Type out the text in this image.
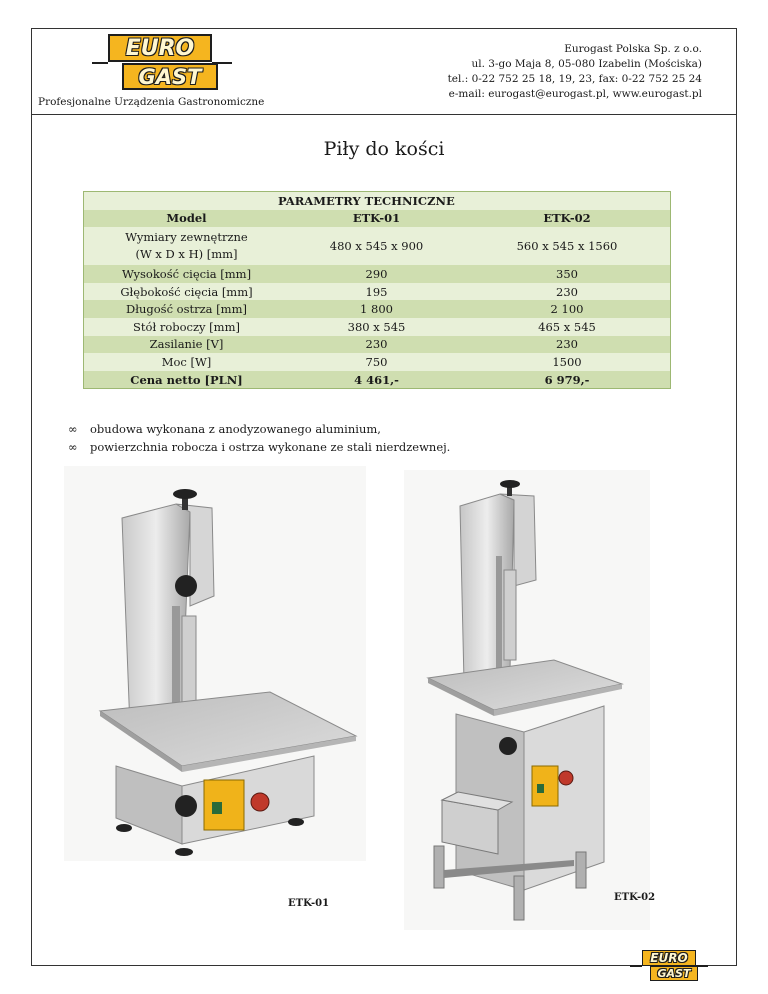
EURO
GAST
Profesjonalne Urządzenia Gastronomiczne
Eurogast Polska Sp. z o.o.
ul. 3-go Maja 8, 05-080 Izabelin (Mościska)
tel.: 0-22 752 25 18, 19, 23, fax: 0-22 752 25 24
e-mail: eurogast@eurogast.pl, www.eurogast.pl
Piły do kości
	PARAMETRY TECHNICZNE	
Model	ETK-01	ETK-02

Wymiary zewnętrzne
(W x D x H) [mm]	480 x 545 x 900	560 x 545 x 1560
Wysokość cięcia [mm]	290	350
Głębokość cięcia [mm]	195	230
Długość ostrza [mm]	1 800	2 100
Stół roboczy [mm]	380 x 545	465 x 545
Zasilanie [V]	230	230
Moc [W]	750	1500
Cena netto [PLN]	4 461,-	6 979,-
∞	obudowa wykonana z anodyzowanego aluminium,
∞	powierzchnia robocza i ostrza wykonane ze stali nierdzewnej.
ETK-01
ETK-02
EURO
GAST
